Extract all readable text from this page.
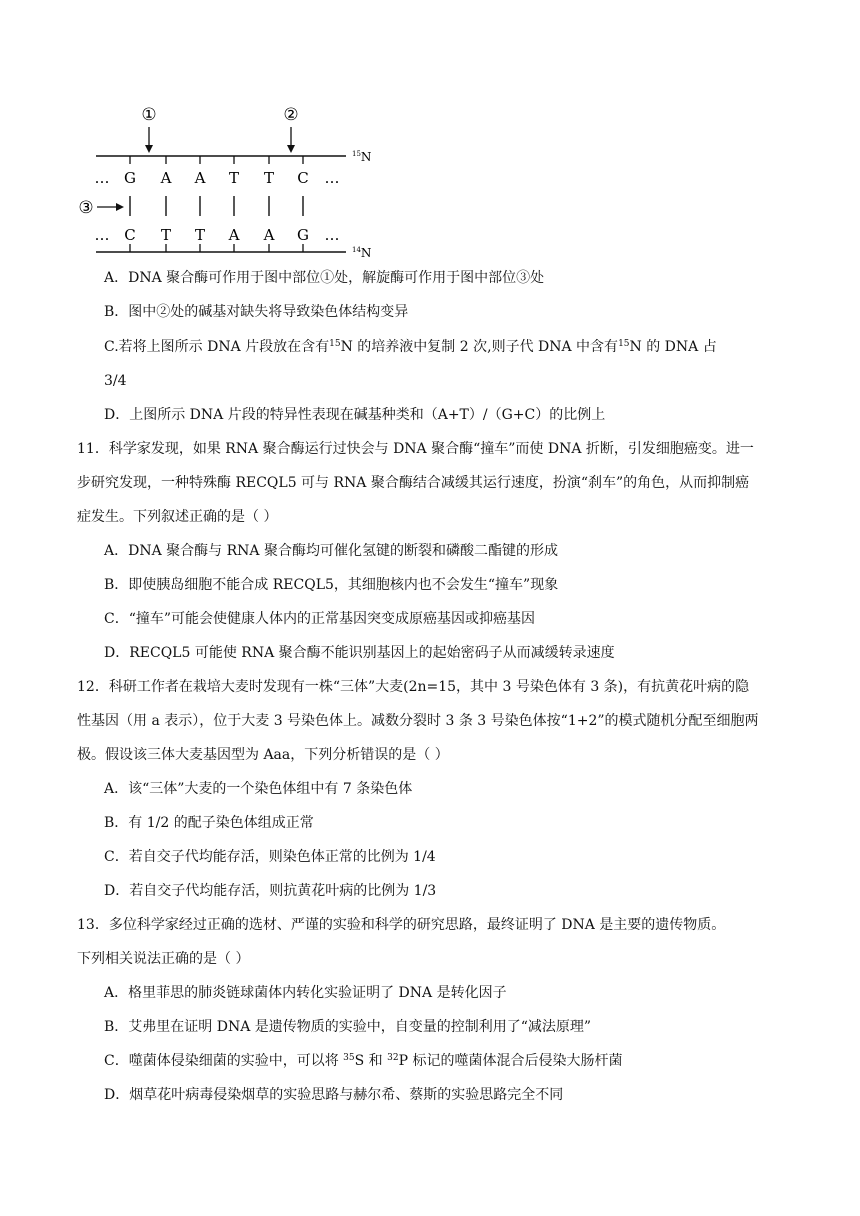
①	②
$^{15}$N
… G A A T T C …
③
… C T T A A G …
$^{14}$N
A．DNA 聚合酶可作用于图中部位①处，解旋酶可作用于图中部位③处
B．图中②处的碱基对缺失将导致染色体结构变异
C.若将上图所示 DNA 片段放在含有$^{15}$N 的培养液中复制 2 次,则子代 DNA 中含有$^{15}$N 的 DNA 占
3/4
D．上图所示 DNA 片段的特异性表现在碱基种类和（A+T）/（G+C）的比例上
11．科学家发现，如果 RNA 聚合酶运行过快会与 DNA 聚合酶“撞车”而使 DNA 折断，引发细胞癌变。进一
步研究发现，一种特殊酶 RECQL5 可与 RNA 聚合酶结合减缓其运行速度，扮演“刹车”的角色，从而抑制癌
症发生。下列叙述正确的是（ ）
A．DNA 聚合酶与 RNA 聚合酶均可催化氢键的断裂和磷酸二酯键的形成
B．即使胰岛细胞不能合成 RECQL5，其细胞核内也不会发生“撞车”现象
C．“撞车”可能会使健康人体内的正常基因突变成原癌基因或抑癌基因
D．RECQL5 可能使 RNA 聚合酶不能识别基因上的起始密码子从而减缓转录速度
12．科研工作者在栽培大麦时发现有一株“三体”大麦(2n=15，其中 3 号染色体有 3 条)，有抗黄花叶病的隐
性基因（用 a 表示），位于大麦 3 号染色体上。减数分裂时 3 条 3 号染色体按“1+2”的模式随机分配至细胞两
极。假设该三体大麦基因型为 Aaa，下列分析错误的是（ ）
A．该“三体”大麦的一个染色体组中有 7 条染色体
B．有 1/2 的配子染色体组成正常
C．若自交子代均能存活，则染色体正常的比例为 1/4
D．若自交子代均能存活，则抗黄花叶病的比例为 1/3
13．多位科学家经过正确的选材、严谨的实验和科学的研究思路，最终证明了 DNA 是主要的遗传物质。
下列相关说法正确的是（ ）
A．格里菲思的肺炎链球菌体内转化实验证明了 DNA 是转化因子
B．艾弗里在证明 DNA 是遗传物质的实验中，自变量的控制利用了“减法原理”
C．噬菌体侵染细菌的实验中，可以将 $^{35}$S 和 $^{32}$P 标记的噬菌体混合后侵染大肠杆菌
D．烟草花叶病毒侵染烟草的实验思路与赫尔希、蔡斯的实验思路完全不同
